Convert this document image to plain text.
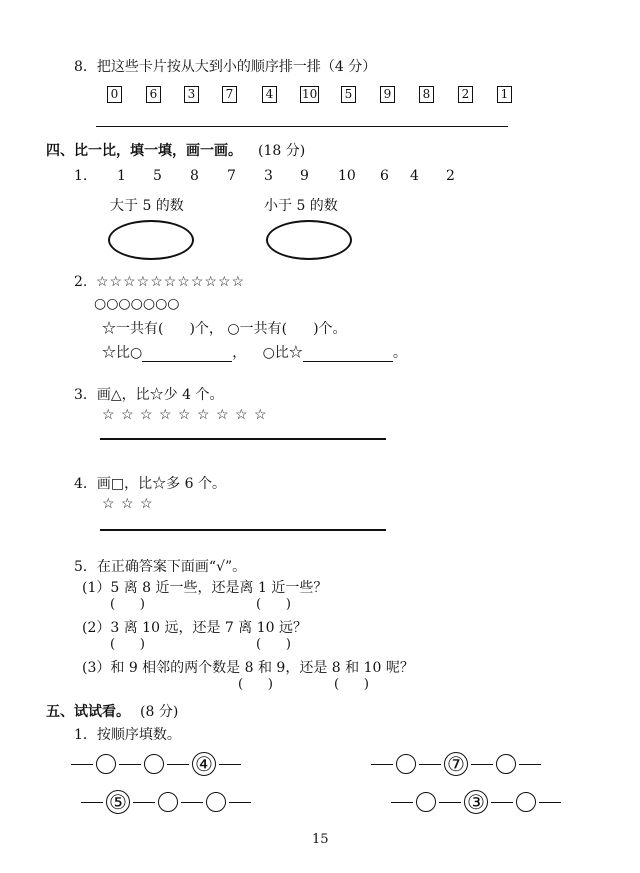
8．把这些卡片按从大到小的顺序排一排（4 分）
0	6	3	7	4	10	5	9	8	2	1
四、比一比，填一填，画一画。 (18 分)
1. 1 5 8 7 3 9 10 6 4 2
大于 5 的数	小于 5 的数
2. ☆☆☆☆☆☆☆☆☆☆☆
○○○○○○○
☆一共有( )个， ○一共有( )个。
☆比○	， ○比☆	。
3．画△，比☆少 4 个。
☆ ☆ ☆ ☆ ☆ ☆ ☆ ☆ ☆
4．画□，比☆多 6 个。
☆ ☆ ☆
5．在正确答案下面画“√”。
(1）5 离 8 近一些，还是离 1 近一些？
(      )	(      )
(2）3 离 10 远，还是 7 离 10 远？
(      )	(      )
(3）和 9 相邻的两个数是 8 和 9，还是 8 和 10 呢？
(      )	(      )
五、试试看。 (8 分)
1．按顺序填数。
④	⑦
⑤	③
15
